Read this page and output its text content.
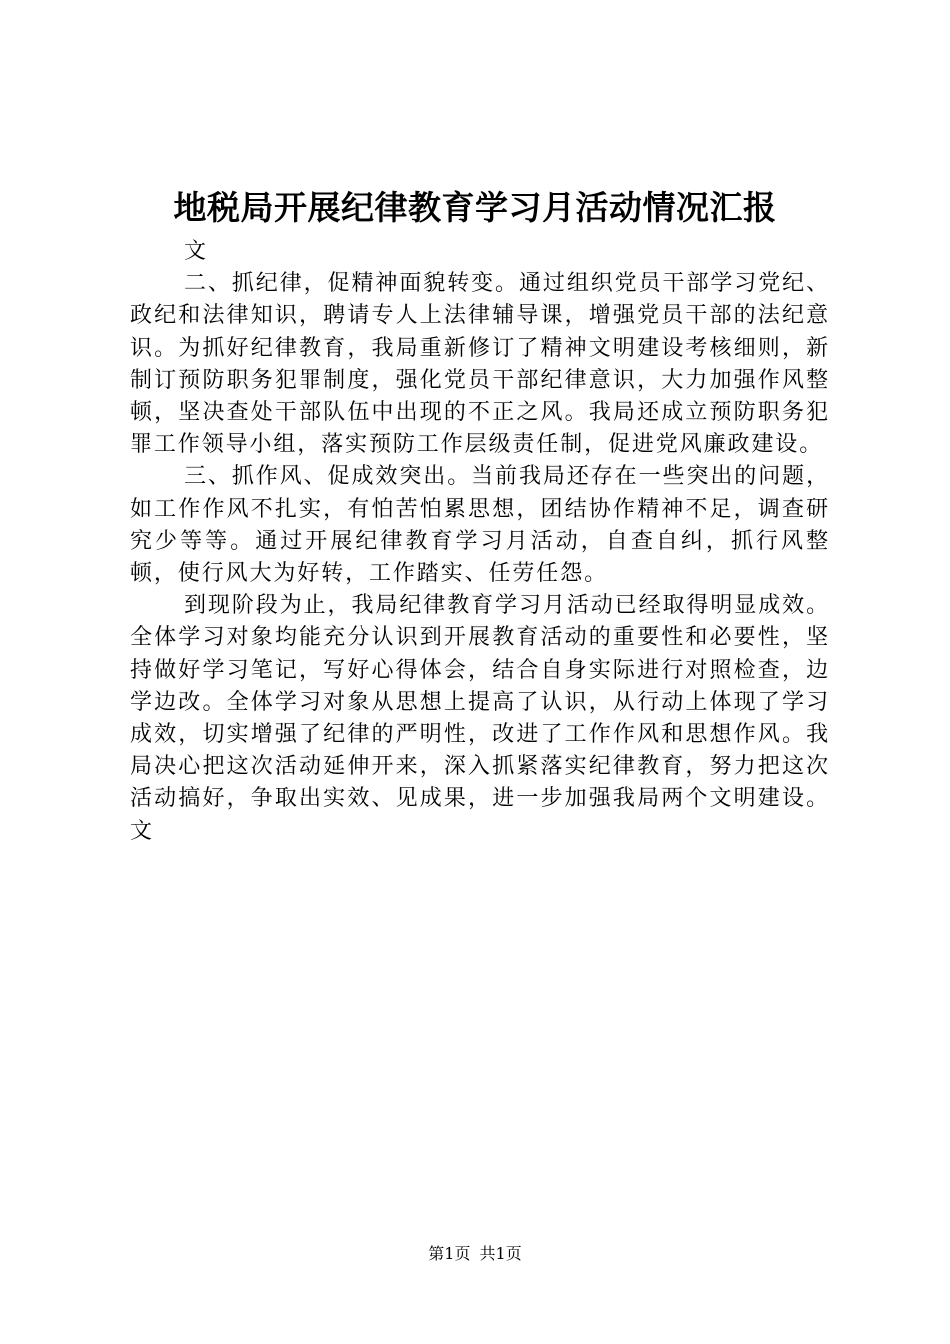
地税局开展纪律教育学习月活动情况汇报

文

二、抓纪律，促精神面貌转变。通过组织党员干部学习党纪、政纪和法律知识，聘请专人上法律辅导课，增强党员干部的法纪意识。为抓好纪律教育，我局重新修订了精神文明建设考核细则，新制订预防职务犯罪制度，强化党员干部纪律意识，大力加强作风整顿，坚决查处干部队伍中出现的不正之风。我局还成立预防职务犯罪工作领导小组，落实预防工作层级责任制，促进党风廉政建设。

三、抓作风、促成效突出。当前我局还存在一些突出的问题，如工作作风不扎实，有怕苦怕累思想，团结协作精神不足，调查研究少等等。通过开展纪律教育学习月活动，自查自纠，抓行风整顿，使行风大为好转，工作踏实、任劳任怨。

到现阶段为止，我局纪律教育学习月活动已经取得明显成效。全体学习对象均能充分认识到开展教育活动的重要性和必要性，坚持做好学习笔记，写好心得体会，结合自身实际进行对照检查，边学边改。全体学习对象从思想上提高了认识，从行动上体现了学习成效，切实增强了纪律的严明性，改进了工作作风和思想作风。我局决心把这次活动延伸开来，深入抓紧落实纪律教育，努力把这次活动搞好，争取出实效、见成果，进一步加强我局两个文明建设。文

第1页 共1页
